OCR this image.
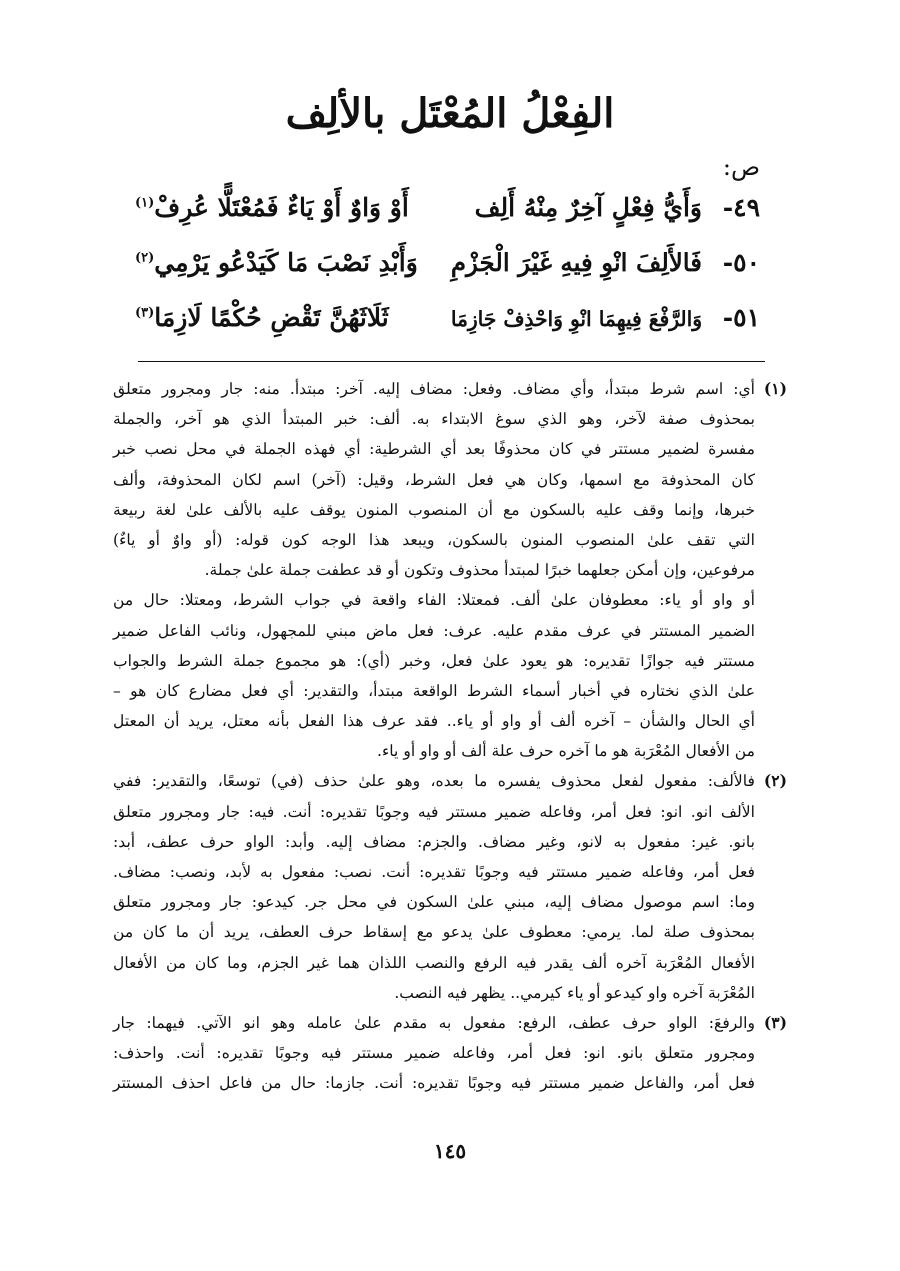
الفِعْلُ المُعْتَل بالألِف
ص:
٤٩-
وَأَيُّ فِعْلٍ آخِرٌ مِنْهُ أَلِف
أَوْ وَاوٌ أَوْ يَاءٌ فَمُعْتَلًّا عُرِفْ$^{(١)}$
٥٠-
فَالأَلِفَ انْوِ فِيهِ غَيْرَ الْجَزْمِ
وَأَبْدِ نَصْبَ مَا كَيَدْعُو يَرْمِي$^{(٢)}$
٥١-
وَالرَّفْعَ فِيهِمَا انْوِ وَاحْذِفْ جَازِمَا
ثَلَاثَهُنَّ تَقْضِ حُكْمًا لَازِمَا$^{(٣)}$
(١)
أي: اسم شرط مبتدأ، وأي مضاف. وفعل: مضاف إليه. آخر: مبتدأ. منه: جار ومجرور متعلق
بمحذوف صفة لآخر، وهو الذي سوغ الابتداء به. ألف: خبر المبتدأ الذي هو آخر، والجملة
مفسرة لضمير مستتر في كان محذوفًا بعد أي الشرطية: أي فهذه الجملة في محل نصب خبر
كان المحذوفة مع اسمها، وكان هي فعل الشرط، وقيل: (آخر) اسم لكان المحذوفة، وألف
خبرها، وإنما وقف عليه بالسكون مع أن المنصوب المنون يوقف عليه بالألف علىٰ لغة ربيعة
التي تقف علىٰ المنصوب المنون بالسكون، ويبعد هذا الوجه كون قوله: (أو واوٌ أو ياءٌ)
مرفوعين، وإن أمكن جعلهما خبرًا لمبتدأ محذوف وتكون أو قد عطفت جملة علىٰ جملة.
أو واو أو ياء: معطوفان علىٰ ألف. فمعتلا: الفاء واقعة في جواب الشرط، ومعتلا: حال من
الضمير المستتر في عرف مقدم عليه. عرف: فعل ماض مبني للمجهول، ونائب الفاعل ضمير
مستتر فيه جوازًا تقديره: هو يعود علىٰ فعل، وخبر (أي): هو مجموع جملة الشرط والجواب
علىٰ الذي نختاره في أخبار أسماء الشرط الواقعة مبتدأ، والتقدير: أي فعل مضارع كان هو –
أي الحال والشأن – آخره ألف أو واو أو ياء.. فقد عرف هذا الفعل بأنه معتل، يريد أن المعتل
من الأفعال المُعْرَبة هو ما آخره حرف علة ألف أو واو أو ياء.
(٢)
فالألف: مفعول لفعل محذوف يفسره ما بعده، وهو علىٰ حذف (في) توسعًا، والتقدير: ففي
الألف انو. انو: فعل أمر، وفاعله ضمير مستتر فيه وجوبًا تقديره: أنت. فيه: جار ومجرور متعلق
بانو. غير: مفعول به لانو، وغير مضاف. والجزم: مضاف إليه. وأبد: الواو حرف عطف، أبد:
فعل أمر، وفاعله ضمير مستتر فيه وجوبًا تقديره: أنت. نصب: مفعول به لأبد، ونصب: مضاف.
وما: اسم موصول مضاف إليه، مبني علىٰ السكون في محل جر. كيدعو: جار ومجرور متعلق
بمحذوف صلة لما. يرمي: معطوف علىٰ يدعو مع إسقاط حرف العطف، يريد أن ما كان من
الأفعال المُعْرَبة آخره ألف يقدر فيه الرفع والنصب اللذان هما غير الجزم، وما كان من الأفعال
المُعْرَبة آخره واو كيدعو أو ياء كيرمي.. يظهر فيه النصب.
(٣)
والرفعَ: الواو حرف عطف، الرفع: مفعول به مقدم علىٰ عامله وهو انو الآتي. فيهما: جار
ومجرور متعلق بانو. انو: فعل أمر، وفاعله ضمير مستتر فيه وجوبًا تقديره: أنت. واحذف:
فعل أمر، والفاعل ضمير مستتر فيه وجوبًا تقديره: أنت. جازما: حال من فاعل احذف المستتر
١٤٥
